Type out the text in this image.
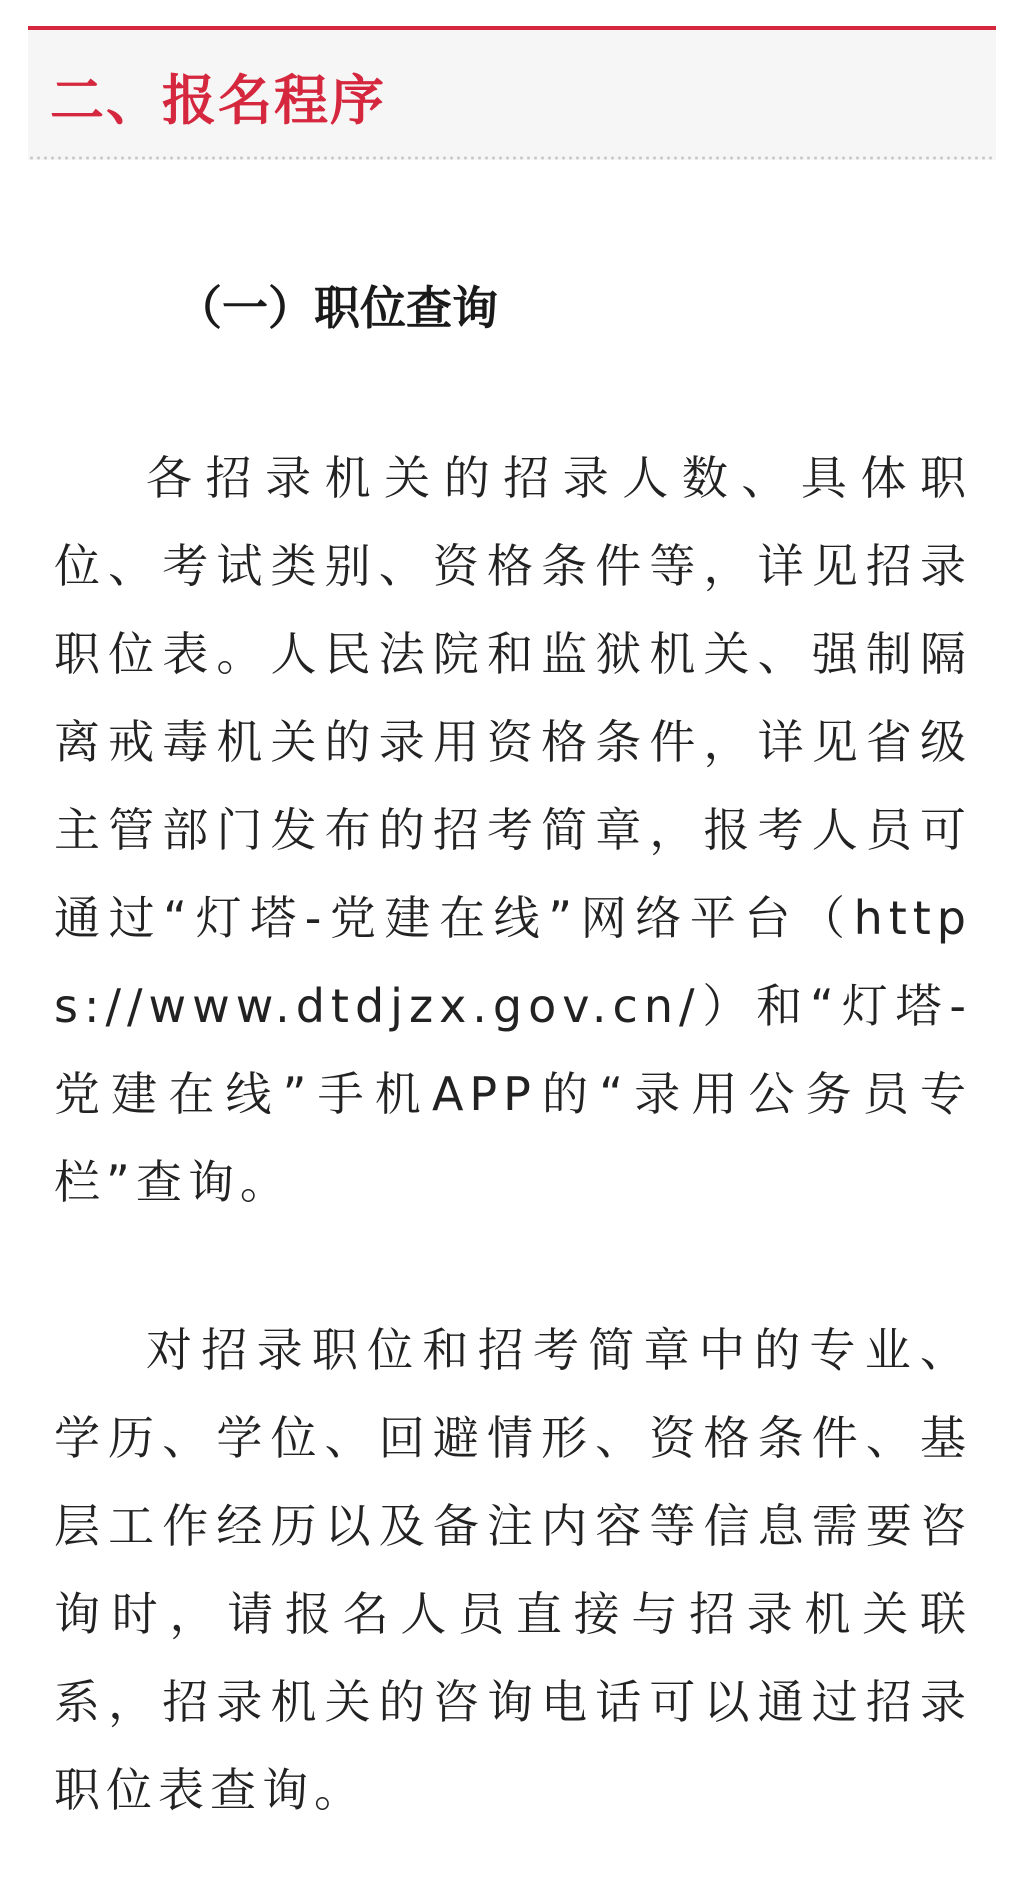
二、报名程序
（一）职位查询

各招录机关的招录人数、具体职位、考试类别、资格条件等，详见招录职位表。人民法院和监狱机关、强制隔离戒毒机关的录用资格条件，详见省级主管部门发布的招考简章，报考人员可通过“灯塔-党建在线”网络平台（https://www.dtdjzx.gov.cn/）和“灯塔-党建在线”手机APP的“录用公务员专栏”查询。

对招录职位和招考简章中的专业、学历、学位、回避情形、资格条件、基层工作经历以及备注内容等信息需要咨询时，请报名人员直接与招录机关联系，招录机关的咨询电话可以通过招录职位表查询。
